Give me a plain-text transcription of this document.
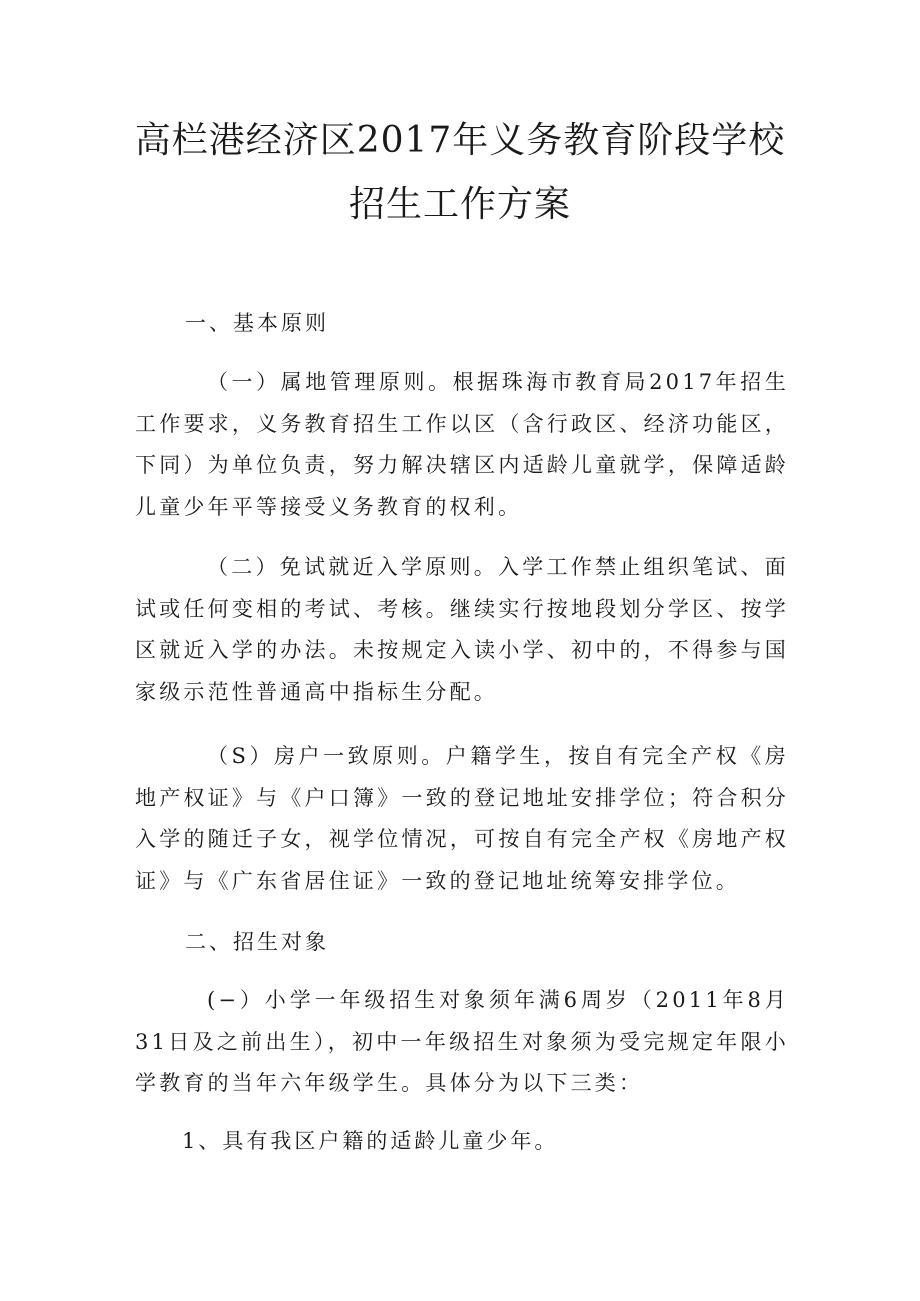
高栏港经济区2017年义务教育阶段学校
招生工作方案
一、基本原则
（一）属地管理原则。根据珠海市教育局2017年招生工作要求，义务教育招生工作以区（含行政区、经济功能区，下同）为单位负责，努力解决辖区内适龄儿童就学，保障适龄儿童少年平等接受义务教育的权利。
（二）免试就近入学原则。入学工作禁止组织笔试、面试或任何变相的考试、考核。继续实行按地段划分学区、按学区就近入学的办法。未按规定入读小学、初中的，不得参与国家级示范性普通高中指标生分配。
（S）房户一致原则。户籍学生，按自有完全产权《房地产权证》与《户口簿》一致的登记地址安排学位；符合积分入学的随迁子女，视学位情况，可按自有完全产权《房地产权证》与《广东省居住证》一致的登记地址统筹安排学位。
二、招生对象
(−）小学一年级招生对象须年满6周岁（2011年8月31日及之前出生），初中一年级招生对象须为受完规定年限小学教育的当年六年级学生。具体分为以下三类：
1、具有我区户籍的适龄儿童少年。
